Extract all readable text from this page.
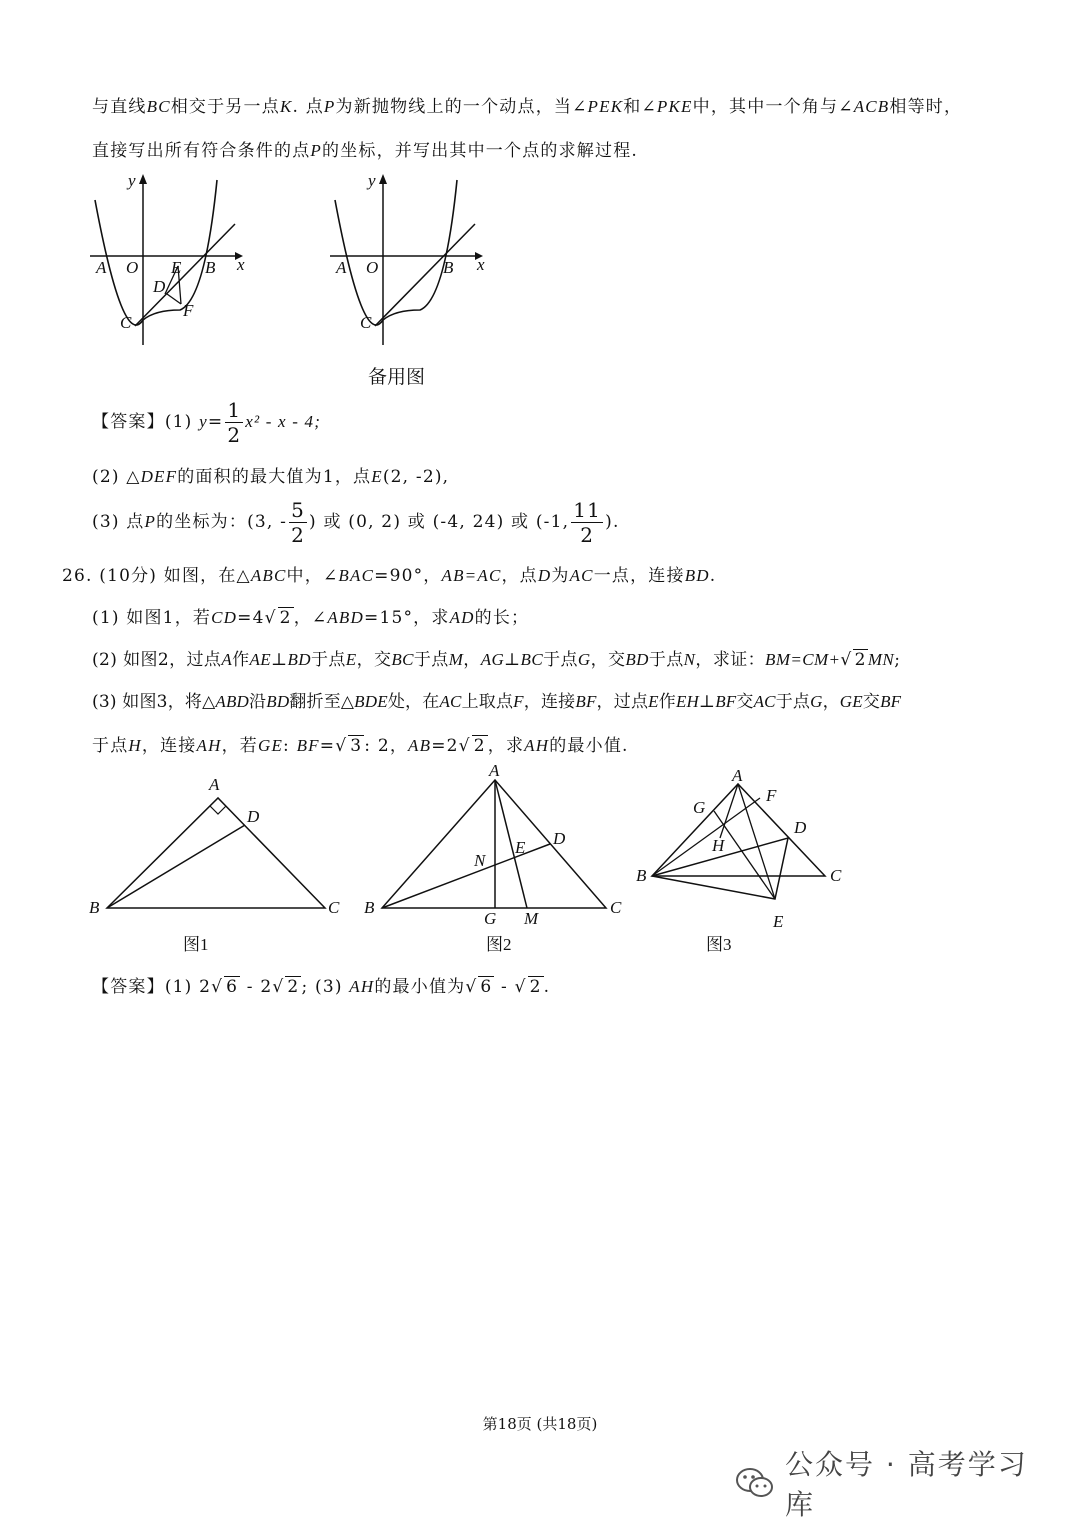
与直线BC相交于另一点K. 点P为新抛物线上的一个动点，当∠PEK和∠PKE中，其中一个角与∠ACB相等时，
直接写出所有符合条件的点P的坐标，并写出其中一个点的求解过程.
y
x
A O E B
D
F
C
y
x
A O	B
C
备用图
【答案】(1) $y= \frac{1}{2} x^2 - x - 4$;
(2) △DEF的面积的最大值为1，点E(2, -2),
(3) 点P的坐标为：(3, - $\frac{5}{2}$ ) 或 (0, 2) 或 (-4, 24) 或 (-1, $\frac{11}{2}$ ).
26. (10分) 如图，在△ABC中，∠BAC=90°，AB=AC，点D为AC一点，连接BD.
(1) 如图1，若CD=4√ 2 ，∠ABD=15°，求AD的长；
(2) 如图2，过点A作AE⊥BD于点E，交BC于点M，AG⊥BC于点G，交BD于点N，求证：BM=CM+√ 2 MN;
(3) 如图3，将△ABD沿BD翻折至△BDE处，在AC上取点F，连接BF，过点E作EH⊥BF交AC于点G，GE交BF
于点H，连接AH，若GE: BF=√ 3 : 2，AB=2√ 2 ，求AH的最小值.
A
D
B	C
图1
A
D
E
N
B
G M
C
图2
A
F
G
D
H
B	C
E
图3
【答案】(1) 2√ 6 - 2√ 2 ; (3) AH的最小值为√ 6 - √ 2 .
第18页 (共18页)
公众号 · 高考学习库
